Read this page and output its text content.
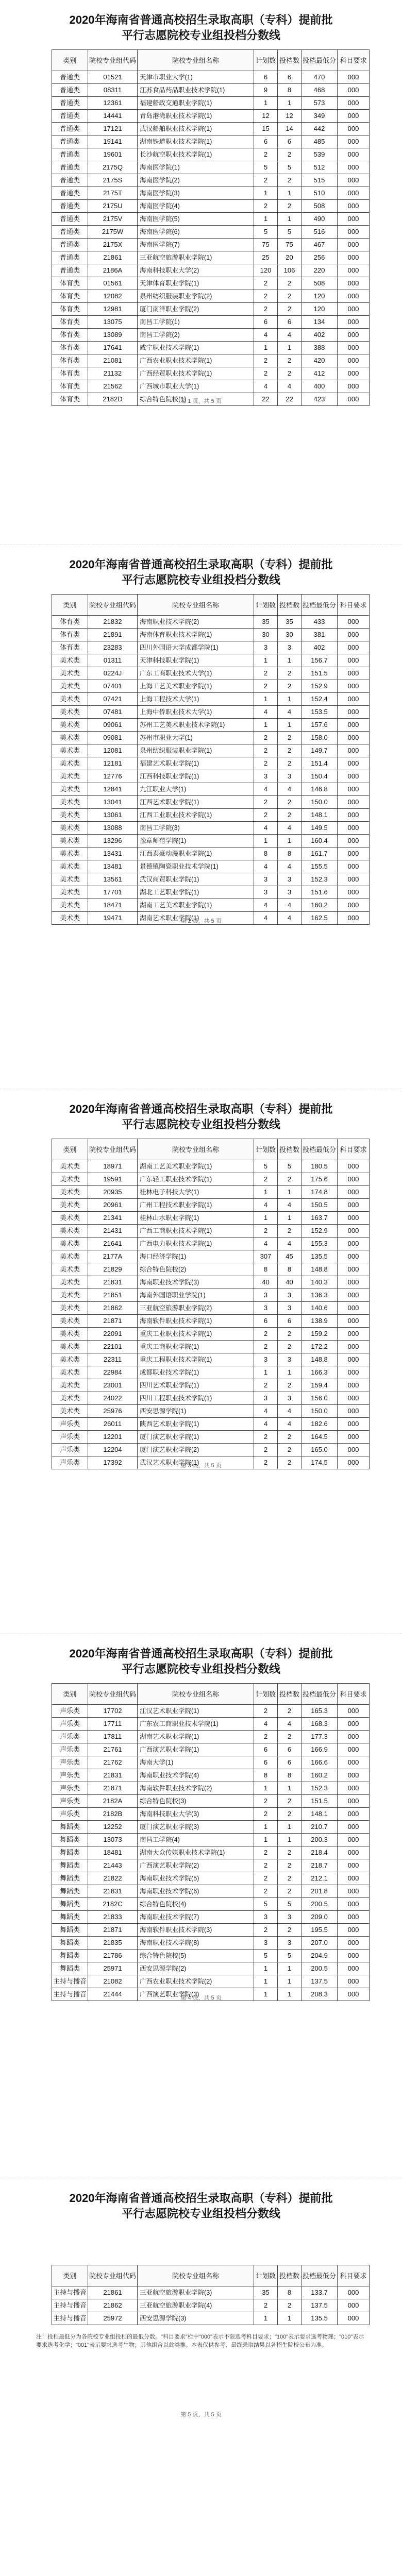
2020年海南省普通高校招生录取高职（专科）提前批
平行志愿院校专业组投档分数线
类别	院校专业组代码	院校专业组名称	计划数	投档数	投档最低分	科目要求
普通类	01521	天津市职业大学(1)	6	6	470	000
普通类	08311	江苏食品药品职业技术学院(1)	9	8	468	000
普通类	12361	福建船政交通职业学院(1)	1	1	573	000
普通类	14441	青岛港湾职业技术学院(1)	12	12	349	000
普通类	17121	武汉船舶职业技术学院(1)	15	14	442	000
普通类	19141	湖南铁道职业技术学院(1)	6	6	485	000
普通类	19601	长沙航空职业技术学院(1)	2	2	539	000
普通类	2175Q	海南医学院(1)	5	5	512	000
普通类	2175S	海南医学院(2)	2	2	515	000
普通类	2175T	海南医学院(3)	1	1	510	000
普通类	2175U	海南医学院(4)	2	2	508	000
普通类	2175V	海南医学院(5)	1	1	490	000
普通类	2175W	海南医学院(6)	5	5	516	000
普通类	2175X	海南医学院(7)	75	75	467	000
普通类	21861	三亚航空旅游职业学院(1)	25	20	256	000
普通类	2186A	海南科技职业大学(2)	120	106	220	000
体育类	01561	天津体育职业学院(1)	2	2	508	000
体育类	12082	泉州纺织服装职业学院(2)	2	2	120	000
体育类	12981	厦门南洋职业学院(2)	2	2	120	000
体育类	13075	南昌工学院(1)	6	6	134	000
体育类	13089	南昌工学院(2)	4	4	402	000
体育类	17641	咸宁职业技术学院(1)	1	1	388	000
体育类	21081	广西农业职业技术学院(1)	2	2	420	000
体育类	21132	广西经贸职业技术学院(1)	2	2	412	000
体育类	21562	广西城市职业大学(1)	4	4	400	000
体育类	2182D	综合特色院校(1)	22	22	423	000
第 1 页，共 5 页
2020年海南省普通高校招生录取高职（专科）提前批
平行志愿院校专业组投档分数线
类别	院校专业组代码	院校专业组名称	计划数	投档数	投档最低分	科目要求
体育类	21832	海南职业技术学院(2)	35	35	433	000
体育类	21891	海南体育职业技术学院(1)	30	30	381	000
体育类	23283	四川外国语大学成都学院(1)	3	3	402	000
美术类	01311	天津科技职业学院(1)	1	1	156.7	000
美术类	0224J	广东工商职业技术大学(1)	2	2	151.5	000
美术类	07401	上海工艺美术职业学院(1)	2	2	152.9	000
美术类	07421	上海工程技术大学(1)	1	1	152.4	000
美术类	07481	上海中侨职业技术大学(1)	4	4	153.5	000
美术类	09061	苏州工艺美术职业技术学院(1)	1	1	157.6	000
美术类	09081	苏州市职业大学(1)	2	2	158.0	000
美术类	12081	泉州纺织服装职业学院(1)	2	2	149.7	000
美术类	12181	福建艺术职业学院(1)	2	2	151.4	000
美术类	12776	江西科技职业学院(1)	3	3	150.4	000
美术类	12841	九江职业大学(1)	4	4	146.8	000
美术类	13041	江西艺术职业学院(1)	2	2	150.0	000
美术类	13061	江西工业职业技术学院(1)	2	2	148.1	000
美术类	13088	南昌工学院(3)	4	4	149.5	000
美术类	13296	豫章师范学院(1)	1	1	160.4	000
美术类	13431	江西泰豪动漫职业学院(1)	8	8	161.7	000
美术类	13481	景德镇陶瓷职业技术学院(1)	4	4	155.5	000
美术类	13561	武汉商贸职业学院(1)	3	3	152.3	000
美术类	17701	湖北工艺职业学院(1)	3	3	151.6	000
美术类	18471	湖南工艺美术职业学院(1)	4	4	160.2	000
美术类	19471	湖南艺术职业学院(1)	4	4	162.5	000
第 2 页，共 5 页
2020年海南省普通高校招生录取高职（专科）提前批
平行志愿院校专业组投档分数线
类别	院校专业组代码	院校专业组名称	计划数	投档数	投档最低分	科目要求
美术类	18971	湖南工艺美术职业学院(1)	5	5	180.5	000
美术类	19591	广东轻工职业技术学院(1)	2	2	175.6	000
美术类	20935	桂林电子科技大学(1)	1	1	174.8	000
美术类	20961	广州工程技术职业学院(1)	4	4	150.5	000
美术类	21341	桂林山水职业学院(1)	1	1	163.7	000
美术类	21431	广西工商职业技术学院(1)	2	2	152.9	000
美术类	21641	广西电力职业技术学院(1)	4	4	155.3	000
美术类	2177A	海口经济学院(1)	307	45	135.5	000
美术类	21829	综合特色院校(2)	8	8	148.8	000
美术类	21831	海南职业技术学院(3)	40	40	140.3	000
美术类	21851	海南外国语职业学院(1)	3	3	136.3	000
美术类	21862	三亚航空旅游职业学院(2)	3	3	140.6	000
美术类	21871	海南软件职业技术学院(1)	6	6	138.9	000
美术类	22091	重庆工业职业技术学院(1)	2	2	159.2	000
美术类	22101	重庆工商职业学院(1)	2	2	172.2	000
美术类	22311	重庆工程职业技术学院(1)	3	3	148.8	000
美术类	22984	成都职业技术学院(1)	1	1	166.3	000
美术类	23001	四川艺术职业学院(1)	2	2	159.4	000
美术类	24022	四川工程职业技术学院(1)	3	3	156.0	000
美术类	25976	西安思源学院(1)	4	4	150.0	000
声乐类	26011	陕西艺术职业学院(1)	4	4	182.6	000
声乐类	12201	厦门演艺职业学院(1)	2	2	164.5	000
声乐类	12204	厦门演艺职业学院(2)	2	2	165.0	000
声乐类	17392	武汉艺术职业学院(1)	2	2	174.5	000
第 3 页，共 5 页
2020年海南省普通高校招生录取高职（专科）提前批
平行志愿院校专业组投档分数线
类别	院校专业组代码	院校专业组名称	计划数	投档数	投档最低分	科目要求
声乐类	17702	江汉艺术职业学院(1)	2	2	165.3	000
声乐类	17711	广东农工商职业技术学院(1)	4	4	168.3	000
声乐类	17811	湖南艺术职业学院(1)	2	2	177.3	000
声乐类	21761	广西演艺职业学院(1)	6	6	166.9	000
声乐类	21762	海南大学(1)	6	6	166.6	000
声乐类	21831	海南职业技术学院(4)	8	8	160.2	000
声乐类	21871	海南软件职业技术学院(2)	1	1	152.3	000
声乐类	2182A	综合特色院校(3)	2	2	151.5	000
声乐类	2182B	海南科技职业大学(3)	2	2	148.1	000
舞蹈类	12252	厦门演艺职业学院(3)	1	1	210.7	000
舞蹈类	13073	南昌工学院(4)	1	1	200.3	000
舞蹈类	18481	湖南大众传媒职业技术学院(1)	2	2	218.4	000
舞蹈类	21443	广西演艺职业学院(2)	2	2	218.7	000
舞蹈类	21822	海南职业技术学院(5)	2	2	212.1	000
舞蹈类	21831	海南职业技术学院(6)	2	2	201.8	000
舞蹈类	2182C	综合特色院校(4)	5	5	200.5	000
舞蹈类	21833	海南职业技术学院(7)	3	3	209.0	000
舞蹈类	21871	海南软件职业技术学院(3)	2	2	195.5	000
舞蹈类	21835	海南职业技术学院(8)	3	3	207.0	000
舞蹈类	21786	综合特色院校(5)	5	5	204.9	000
舞蹈类	25971	西安思源学院(2)	1	1	200.5	000
主持与播音	21082	广西农业职业技术学院(2)	1	1	137.5	000
主持与播音	21444	广西演艺职业学院(3)	1	1	208.3	000
第 4 页，共 5 页
2020年海南省普通高校招生录取高职（专科）提前批
平行志愿院校专业组投档分数线
类别	院校专业组代码	院校专业组名称	计划数	投档数	投档最低分	科目要求
主持与播音	21861	三亚航空旅游职业学院(3)	35	8	133.7	000
主持与播音	21862	三亚航空旅游职业学院(4)	2	2	137.5	000
主持与播音	25972	西安思源学院(3)	1	1	135.5	000
注：投档最低分为各院校专业组投档的最低分数。"科目要求"栏中"000"表示不限选考科目要求；"100"表示要求选考物理；"010"表示要求选考化学；"001"表示要求选考生物；其他组合以此类推。本表仅供参考，最终录取结果以各招生院校公布为准。
第 5 页，共 5 页
